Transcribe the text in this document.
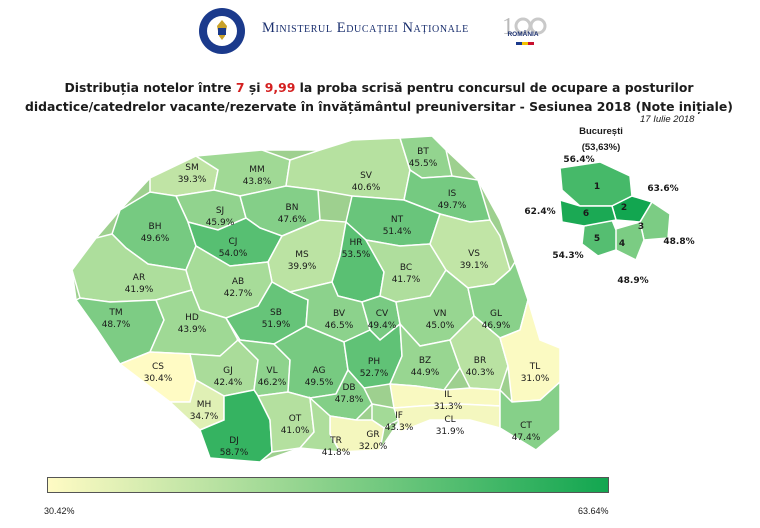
Ministerul Educației Naționale 1
ROMÂNIA
Distribuția notelor între 7 și 9,99 la proba scrisă pentru concursul de ocupare a posturilor didactice/catedrelor vacante/rezervate în învățământul preuniversitar - Sesiunea 2018 (Note inițiale)
17 Iulie 2018
SM
39.3%
MM
43.8%
SV
40.6%
BT
45.5%
SJ
45.9%
BN
47.6%
IS
49.7%
BH
49.6%	CJ
54.0%
NT
51.4%
MS
39.9%
HR
53.5%
BC
41.7%
VS
39.1%
AR
41.9%
AB
42.7%
TM
48.7%
HD
43.9%
SB
51.9%
BV
46.5%
CV
49.4%
VN
45.0%
GL
46.9%
CS
30.4%
GJ
42.4%
VL
46.2%
AG
49.5%
PH
52.7%
BZ
44.9%
BR
40.3%
TL
31.0%
MH
34.7%
DB
47.8%	IL
31.3%
DJ
58.7%
OT
41.0%
IF
43.3%
GR
32.0%
TR
41.8%
CL
31.9%
CT
47.4%
1
56.4%
2
63.6%
3
48.8%
4
48.9%
5
54.3%
6
62.4%
București
(53,63%)
30.42%	63.64%
